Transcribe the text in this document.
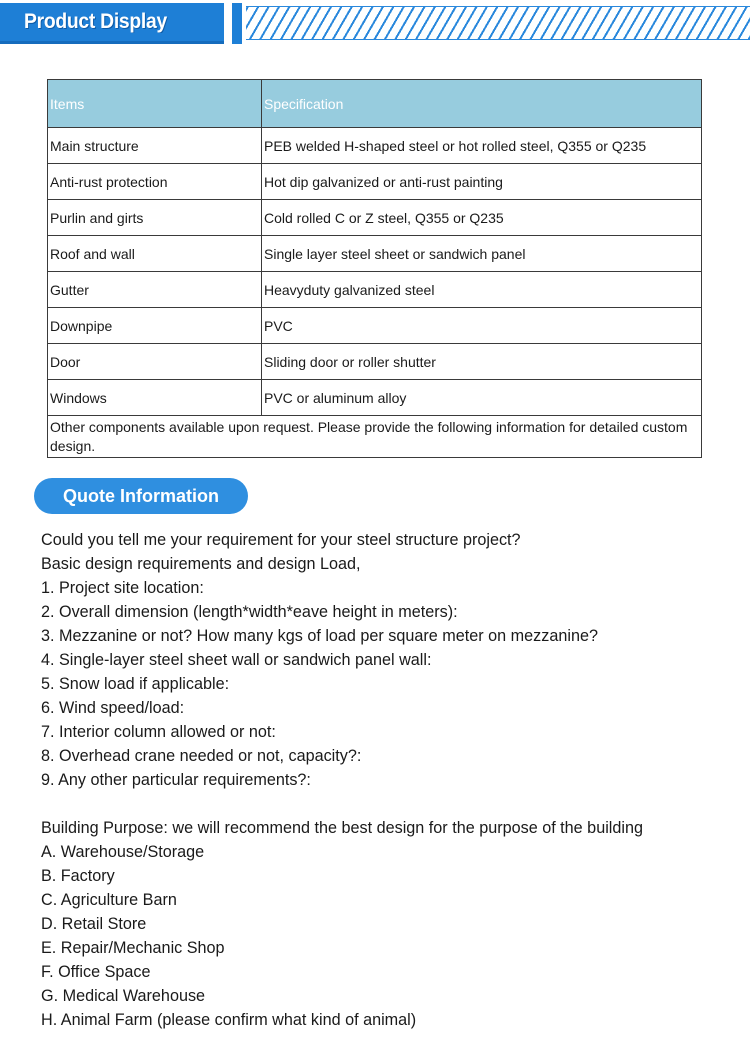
Product Display
Items	Specification
Main structure	PEB welded H-shaped steel or hot rolled steel, Q355 or Q235
Anti-rust protection	Hot dip galvanized or anti-rust painting
Purlin and girts	Cold rolled C or Z steel, Q355 or Q235
Roof and wall	Single layer steel sheet or sandwich panel
Gutter	Heavyduty galvanized steel
Downpipe	PVC
Door	Sliding door or roller shutter
Windows	PVC or aluminum alloy
Other components available upon request. Please provide the following information for detailed custom design.	
Quote Information
Could you tell me your requirement for your steel structure project?
Basic design requirements and design Load,
1. Project site location:
2. Overall dimension (length*width*eave height in meters):
3. Mezzanine or not? How many kgs of load per square meter on mezzanine?
4. Single-layer steel sheet wall or sandwich panel wall:
5. Snow load if applicable:
6. Wind speed/load:
7. Interior column allowed or not:
8. Overhead crane needed or not, capacity?:
9. Any other particular requirements?:
Building Purpose: we will recommend the best design for the purpose of the building
A. Warehouse/Storage
B. Factory
C. Agriculture Barn
D. Retail Store
E. Repair/Mechanic Shop
F. Office Space
G. Medical Warehouse
H. Animal Farm (please confirm what kind of animal)
